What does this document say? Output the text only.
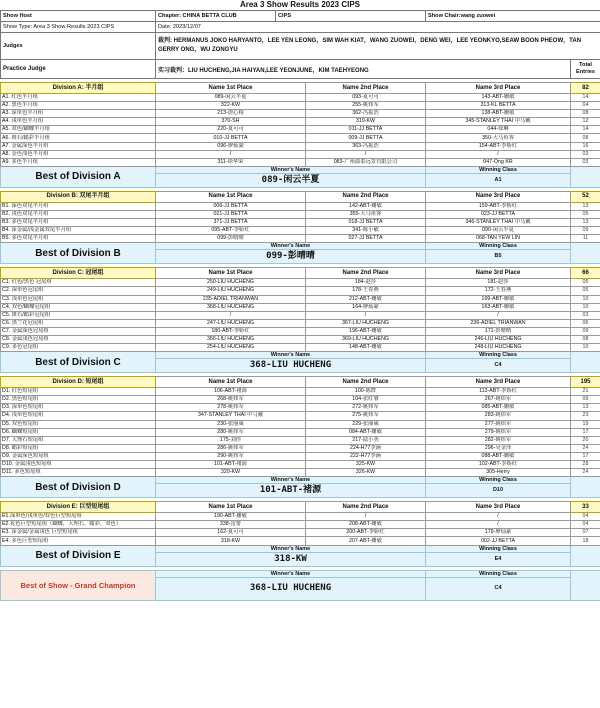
Area 3 Show Results 2023 CIPS
Show Host	Chapter: CHINA BETTA CLUB	CIPS	Show Chair:wang zuowei	
Show Type: Area 3 Show Results 2023 CIPS	Date: 2023/12/07			
Judges	裁判: HERMANUS JOKO HARYANTO，LEE YEN LEONG，SIM WAH KIAT，WANG ZUOWEI，DENG WEI，LEE YEONKYO,SEAW BOON PHEOW，TAN GERRY ONG，WU ZONGYU			
Practice Judge	实习裁判：LIU HUCHENG,JIA HAIYAN,LEE YEONJUNE，KIM TAEHYEONG			Total Entries
Division A: 半月组	Name 1st Place	Name 2nd Place	Name 3rd Place	82
A1. 红色半月组	089-闲云半夏	093-夏可可	143-ABT-姗敏	14
A2. 黑色半月组	322-KW	255-姚炜军	313-KL BETTA	04
A3. 深单色半月组	213-唐心榕	362-冯振浩	138-ABT-姗敏	08
A4. 浅单色半月组	370-SH	319-KW	345-STANLEY THAI 中马戴	12
A5. 双色/蝴蝶半月组	220-夏可可	011-JJ BETTA	044-徐琳	14
A6. 斑石/蜡彩半月组	010-JJ BETTA	009-JJ BETTA	350-大马鱼客	08
A7. 金属深色半月组	096-廖灿豪	363-冯振浩	154-ABT-李娇红	16
A8. 金色浅色半月组	/	/	/	03
A9. 多色半月组	311-徐华荣	083-广州溢泰远景有限公司	047-Ong KR	03
Best of Division A	Winner's Name		Winning Class	
	089-闲云半夏		A1	
Division B: 双尾半月组	Name 1st Place	Name 2nd Place	Name 3rd Place	52
B1. 深色双尾半月组	006-JJ BETTA	142-ABT-姗敏	159-ABT-李娇红	13
B2. 浅色双尾半月组	021-JJ BETTA	355-大马鱼客	023-JJ BETTA	05
B3. 多色双尾半月组	371-JJ BETTA	018-JJ BETTA	346-STANLEY THAI 中马戴	13
B4. 深金属/浅金属双尾半月组	095-ABT-李娇红	341-陈小敏	090-闲云半夏	09
B5. 多色双尾半月组	099-彭晴晴	027-JJ BETTA	068-TAN YEW LIN	11
Best of Division B	Winner's Name		Winning Class	
	099-彭晴晴		B5	
Division C: 冠尾组	Name 1st Place	Name 2nd Place	Name 3rd Place	66
C1. 红色/黑色 冠尾组	250-LIU HUCHENG	184-赵莎	181-赵莎	05
C2. 深单色冠尾组	249-LIU HUCHENG	178-王春燕	172-王春燕	05
C3. 浅单色冠尾组	235-ADIEL TRIANWAN	212-ABT-姗敏	199-ABT-姗敏	10
C4. 双色/蝴蝶冠尾组	368-LIU HUCHENG	164-廖灿豪	163-ABT-姗敏	10
C5. 斑石/蜡彩冠尾组	/	/	/	03
C6. 黑兰花冠尾组	247-LIU HUCHENG	367-LIU HUCHENG	236-ADIEL TRIANWAN	06
C7. 金属深色冠尾组	180-ABT-李娇红	196-ABT-姗敏	171-彭晴晴	09
C8. 金属浅色冠尾组	366-LIU HUCHENG	369-LIU HUCHENG	246-LIU HUCHENG	08
C9. 多色冠尾组	254-LIU HUCHENG	148-ABT-姗敏	248-LIU HUCHENG	10
Best of Division C	Winner's Name		Winning Class	
	368-LIU HUCHENG		C4	
Division D: 短尾组	Name 1st Place	Name 2nd Place	Name 3rd Place	195
D1. 红色短尾组	106-ABT-褚源	100-陈群	113-ABT-李娇红	21
D2. 黑色短尾组	268-姚炜军	104-张红睿	267-姚炜军	09
D3. 深单色短尾组	278-姚炜军	272-姚炜军	085-ABT-姗敏	13
D4. 浅单色短尾组	347-STANLEY THAI 中马戴	275-姚炜军	283-姚炜军	23
D5. 双色短尾组	230-张丽威	229-张丽威	277-姚炜军	19
D6. 蝴蝶短尾组	280-姚炜军	084-ABT-姗敏	279-姚炜军	17
D7. 大理石短尾组	175-刘佳	217-陆小英	282-姚炜军	20
D8. 蜡彩短尾组	286-姚炜军	224-H77李涵	296-吴金泽	24
D9. 金属深色短尾组	290-姚炜军	222-H77李涵	088-ABT-姗敏	17
D10. 金属浅色短尾组	101-ABT-褚源	325-KW	102-ABT-李娇红	28
D11. 多色短尾组	320-KW	326-KW	305-Herry	24
Best of Division D	Winner's Name		Winning Class	
	101-ABT-褚源		D10	
Division E: 巨型短尾组	Name 1st Place	Name 2nd Place	Name 3rd Place	33
E1.深单色/浅单色/双色巨型短尾组	190-ABT-姗敏	/	/	04
E2.花色巨型短尾组（蝴蝶，大理石，蜡彩，双色）	338-雷蕾	208-ABT-姗敏	/	04
E3. 深金属/金属浅色 巨型短尾组	162-夏可可	200-ABT-李娇红	179-廖灿豪	07
E4. 多色巨型短尾组	318-KW	207-ABT-姗敏	002-JJ BETTA	18
Best of Division E	Winner's Name		Winning Class	
	318-KW		E4	
Best of Show - Grand Champion	Winner's Name	Winning Class	
	368-LIU HUCHENG	C4	
